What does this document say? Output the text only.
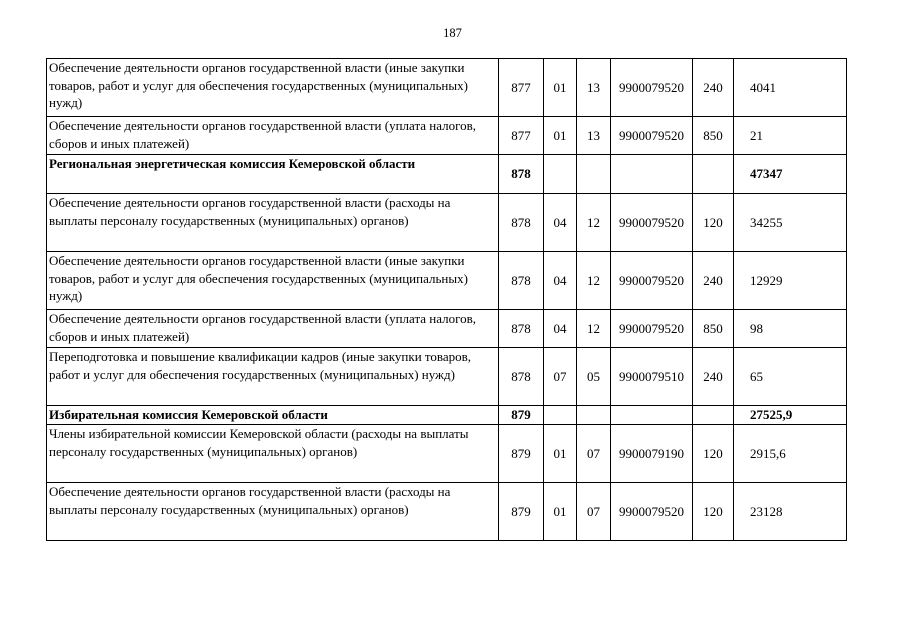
187
Обеспечение деятельности органов государственной власти (иные закупки товаров, работ и услуг для обеспечения государственных (муниципальных) нужд)	877	01	13	9900079520	240	4041
Обеспечение деятельности органов государственной власти (уплата налогов, сборов и иных платежей)	877	01	13	9900079520	850	21
Региональная энергетическая комиссия Кемеровской области	878					47347
Обеспечение деятельности органов государственной власти (расходы на выплаты персоналу государственных (муниципальных) органов)	878	04	12	9900079520	120	34255
Обеспечение деятельности органов государственной власти (иные закупки товаров, работ и услуг для обеспечения государственных (муниципальных) нужд)	878	04	12	9900079520	240	12929
Обеспечение деятельности органов государственной власти (уплата налогов, сборов и иных платежей)	878	04	12	9900079520	850	98
Переподготовка и повышение квалификации кадров (иные закупки товаров, работ и услуг для обеспечения государственных (муниципальных) нужд)	878	07	05	9900079510	240	65
Избирательная комиссия Кемеровской области	879					27525,9
Члены избирательной комиссии Кемеровской области (расходы на выплаты персоналу государственных (муниципальных) органов)	879	01	07	9900079190	120	2915,6
Обеспечение деятельности органов государственной власти (расходы на выплаты персоналу государственных (муниципальных) органов)	879	01	07	9900079520	120	23128
